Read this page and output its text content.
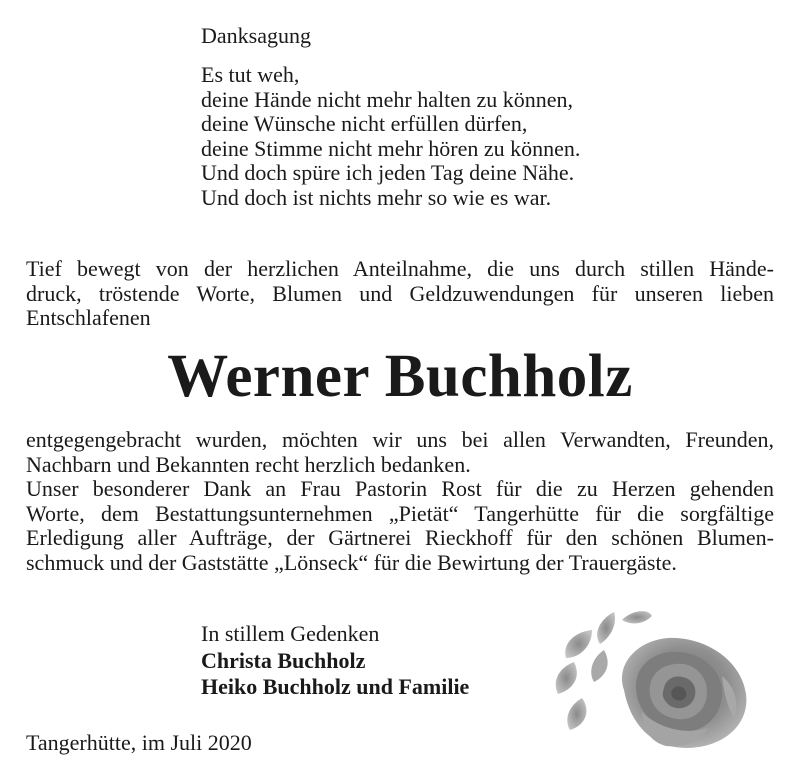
Danksagung
Es tut weh,
deine Hände nicht mehr halten zu können,
deine Wünsche nicht erfüllen dürfen,
deine Stimme nicht mehr hören zu können.
Und doch spüre ich jeden Tag deine Nähe.
Und doch ist nichts mehr so wie es war.
Tief bewegt von der herzlichen Anteilnahme, die uns durch stillen Hände-
druck, tröstende Worte, Blumen und Geldzuwendungen für unseren lieben
Entschlafenen
Werner Buchholz
entgegengebracht wurden, möchten wir uns bei allen Verwandten, Freunden,
Nachbarn und Bekannten recht herzlich bedanken.
Unser besonderer Dank an Frau Pastorin Rost für die zu Herzen gehenden
Worte, dem Bestattungsunternehmen „Pietät“ Tangerhütte für die sorgfältige
Erledigung aller Aufträge, der Gärtnerei Rieckhoff für den schönen Blumen-
schmuck und der Gaststätte „Lönseck“ für die Bewirtung der Trauergäste.
In stillem Gedenken
Christa Buchholz
Heiko Buchholz und Familie
Tangerhütte, im Juli 2020
